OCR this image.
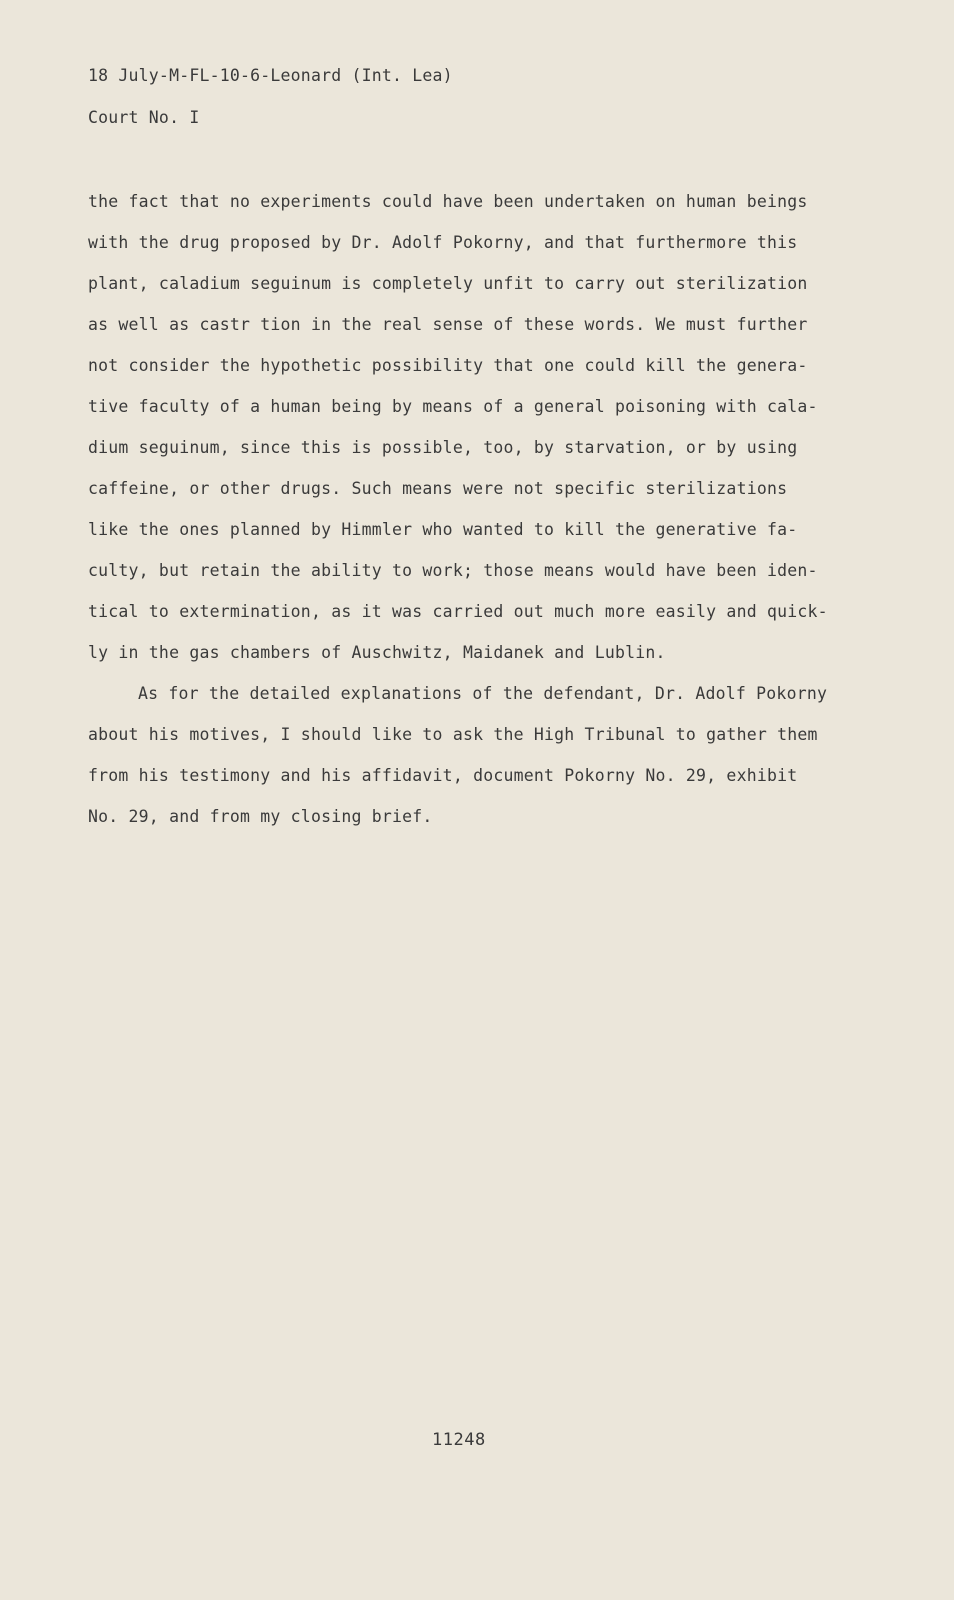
18 July-M-FL-10-6-Leonard (Int. Lea)
Court No. I
the fact that no experiments could have been undertaken on human beings
with the drug proposed by Dr. Adolf Pokorny, and that furthermore this
plant, caladium seguinum is completely unfit to carry out sterilization
as well as castr tion in the real sense of these words. We must further
not consider the hypothetic possibility that one could kill the genera-
tive faculty of a human being by means of a general poisoning with cala-
dium seguinum, since this is possible, too, by starvation, or by using
caffeine, or other drugs. Such means were not specific sterilizations
like the ones planned by Himmler who wanted to kill the generative fa-
culty, but retain the ability to work; those means would have been iden-
tical to extermination, as it was carried out much more easily and quick-
ly in the gas chambers of Auschwitz, Maidanek and Lublin.
As for the detailed explanations of the defendant, Dr. Adolf Pokorny
about his motives, I should like to ask the High Tribunal to gather them
from his testimony and his affidavit, document Pokorny No. 29, exhibit
No. 29, and from my closing brief.
11248
